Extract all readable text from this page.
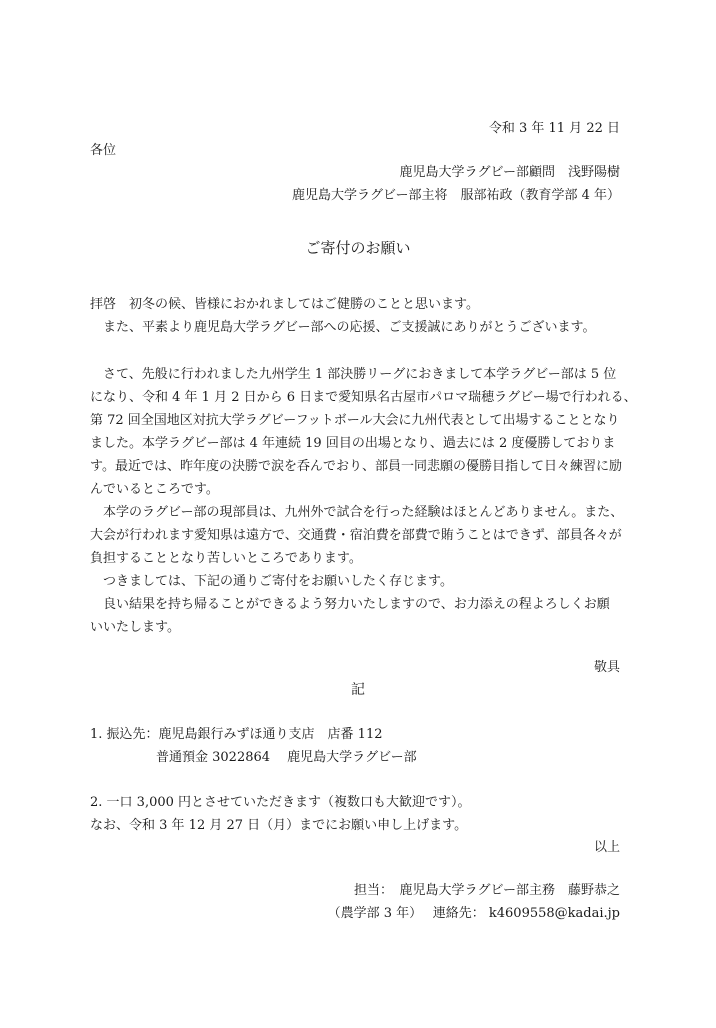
令和 3 年 11 月 22 日
各位
鹿児島大学ラグビー部顧問　浅野陽樹
鹿児島大学ラグビー部主将　服部祐政（教育学部 4 年）
ご寄付のお願い
拝啓　初冬の候、皆様におかれましてはご健勝のことと思います。
　また、平素より鹿児島大学ラグビー部への応援、ご支援誠にありがとうございます。
　さて、先般に行われました九州学生 1 部決勝リーグにおきまして本学ラグビー部は 5 位
になり、令和 4 年 1 月 2 日から 6 日まで愛知県名古屋市パロマ瑞穂ラグビー場で行われる、
第 72 回全国地区対抗大学ラグビーフットボール大会に九州代表として出場することとなり
ました。本学ラグビー部は 4 年連続 19 回目の出場となり、過去には 2 度優勝しておりま
す。最近では、昨年度の決勝で涙を呑んでおり、部員一同悲願の優勝目指して日々練習に励
んでいるところです。
　本学のラグビー部の現部員は、九州外で試合を行った経験はほとんどありません。また、
大会が行われます愛知県は遠方で、交通費・宿泊費を部費で賄うことはできず、部員各々が
負担することとなり苦しいところであります。
　つきましては、下記の通りご寄付をお願いしたく存じます。
　良い結果を持ち帰ることができるよう努力いたしますので、お力添えの程よろしくお願
いいたします。
敬具
記
1. 振込先：鹿児島銀行みずほ通り支店　店番 112
普通預金 3022864　 鹿児島大学ラグビー部
2. 一口 3,000 円とさせていただきます（複数口も大歓迎です）。
なお、令和 3 年 12 月 27 日（月）までにお願い申し上げます。
以上
担当：　鹿児島大学ラグビー部主務　藤野恭之
（農学部 3 年）　 連絡先： k4609558@kadai.jp
